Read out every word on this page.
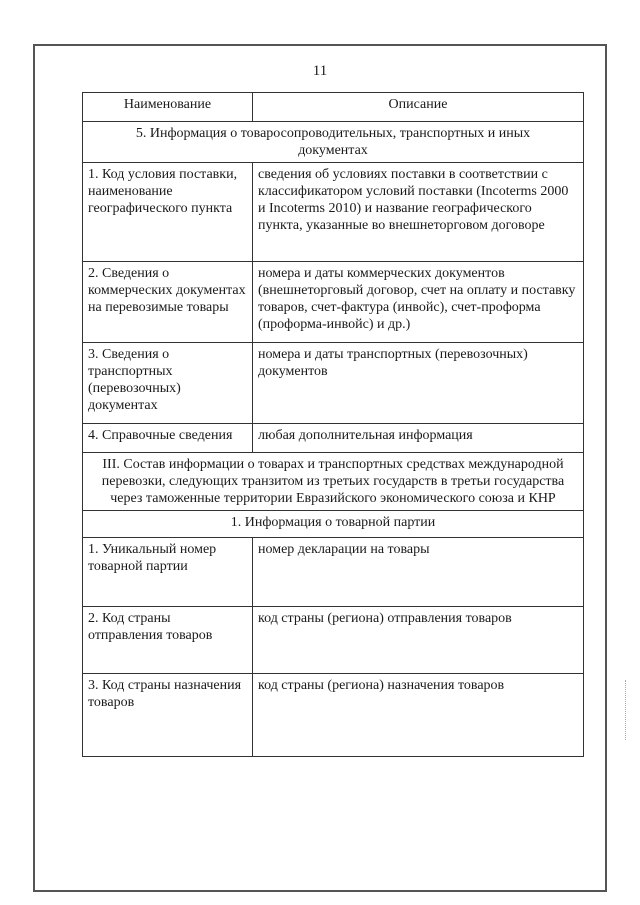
11
Наименование	Описание
5. Информация о товаросопроводительных, транспортных и иных документах	
1. Код условия поставки, наименование географического пункта	сведения об условиях поставки в соответствии с классификатором условий поставки (Incoterms 2000 и Incoterms 2010) и название географического пункта, указанные во внешнеторговом договоре
2. Сведения о коммерческих документах на перевозимые товары	номера и даты коммерческих документов (внешнеторговый договор, счет на оплату и поставку товаров, счет-фактура (инвойс), счет-проформа (проформа-инвойс) и др.)
3. Сведения о транспортных (перевозочных) документах	номера и даты транспортных (перевозочных) документов
4. Справочные сведения	любая дополнительная информация
III. Состав информации о товарах и транспортных средствах международной перевозки, следующих транзитом из третьих государств в третьи государства через таможенные территории Евразийского экономического союза и КНР	
1. Информация о товарной партии	
1. Уникальный номер товарной партии	номер декларации на товары
2. Код страны отправления товаров	код страны (региона) отправления товаров
3. Код страны назначения товаров	код страны (региона) назначения товаров
